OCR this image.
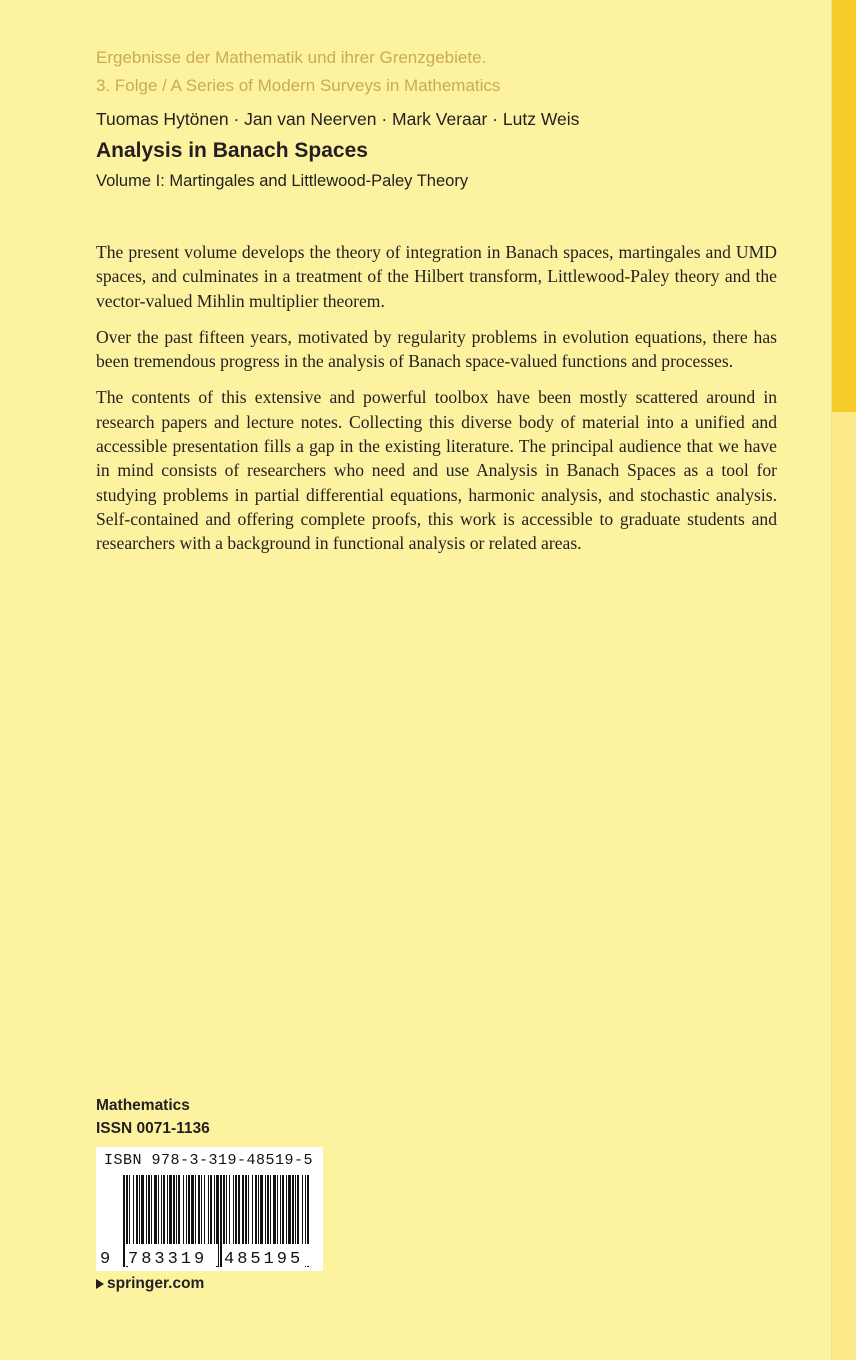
Ergebnisse der Mathematik und ihrer Grenzgebiete.
3. Folge / A Series of Modern Surveys in Mathematics
Tuomas Hytönen · Jan van Neerven · Mark Veraar · Lutz Weis
Analysis in Banach Spaces
Volume I: Martingales and Littlewood-Paley Theory

The present volume develops the theory of integration in Banach spaces, martingales and UMD spaces, and culminates in a treatment of the Hilbert transform, Littlewood-Paley theory and the vector-valued Mihlin multiplier theorem.

Over the past fifteen years, motivated by regularity problems in evolution equations, there has been tremendous progress in the analysis of Banach space-valued functions and processes.

The contents of this extensive and powerful toolbox have been mostly scattered around in research papers and lecture notes. Collecting this diverse body of material into a unified and accessible presentation fills a gap in the existing literature. The principal audience that we have in mind consists of researchers who need and use Analysis in Banach Spaces as a tool for studying problems in partial differential equations, harmonic analysis, and stochastic analysis. Self-contained and offering complete proofs, this work is accessible to graduate students and researchers with a background in functional analysis or related areas.

Mathematics
ISSN 0071-1136
ISBN 978-3-319-48519-5
9 783319 485195
springer.com
